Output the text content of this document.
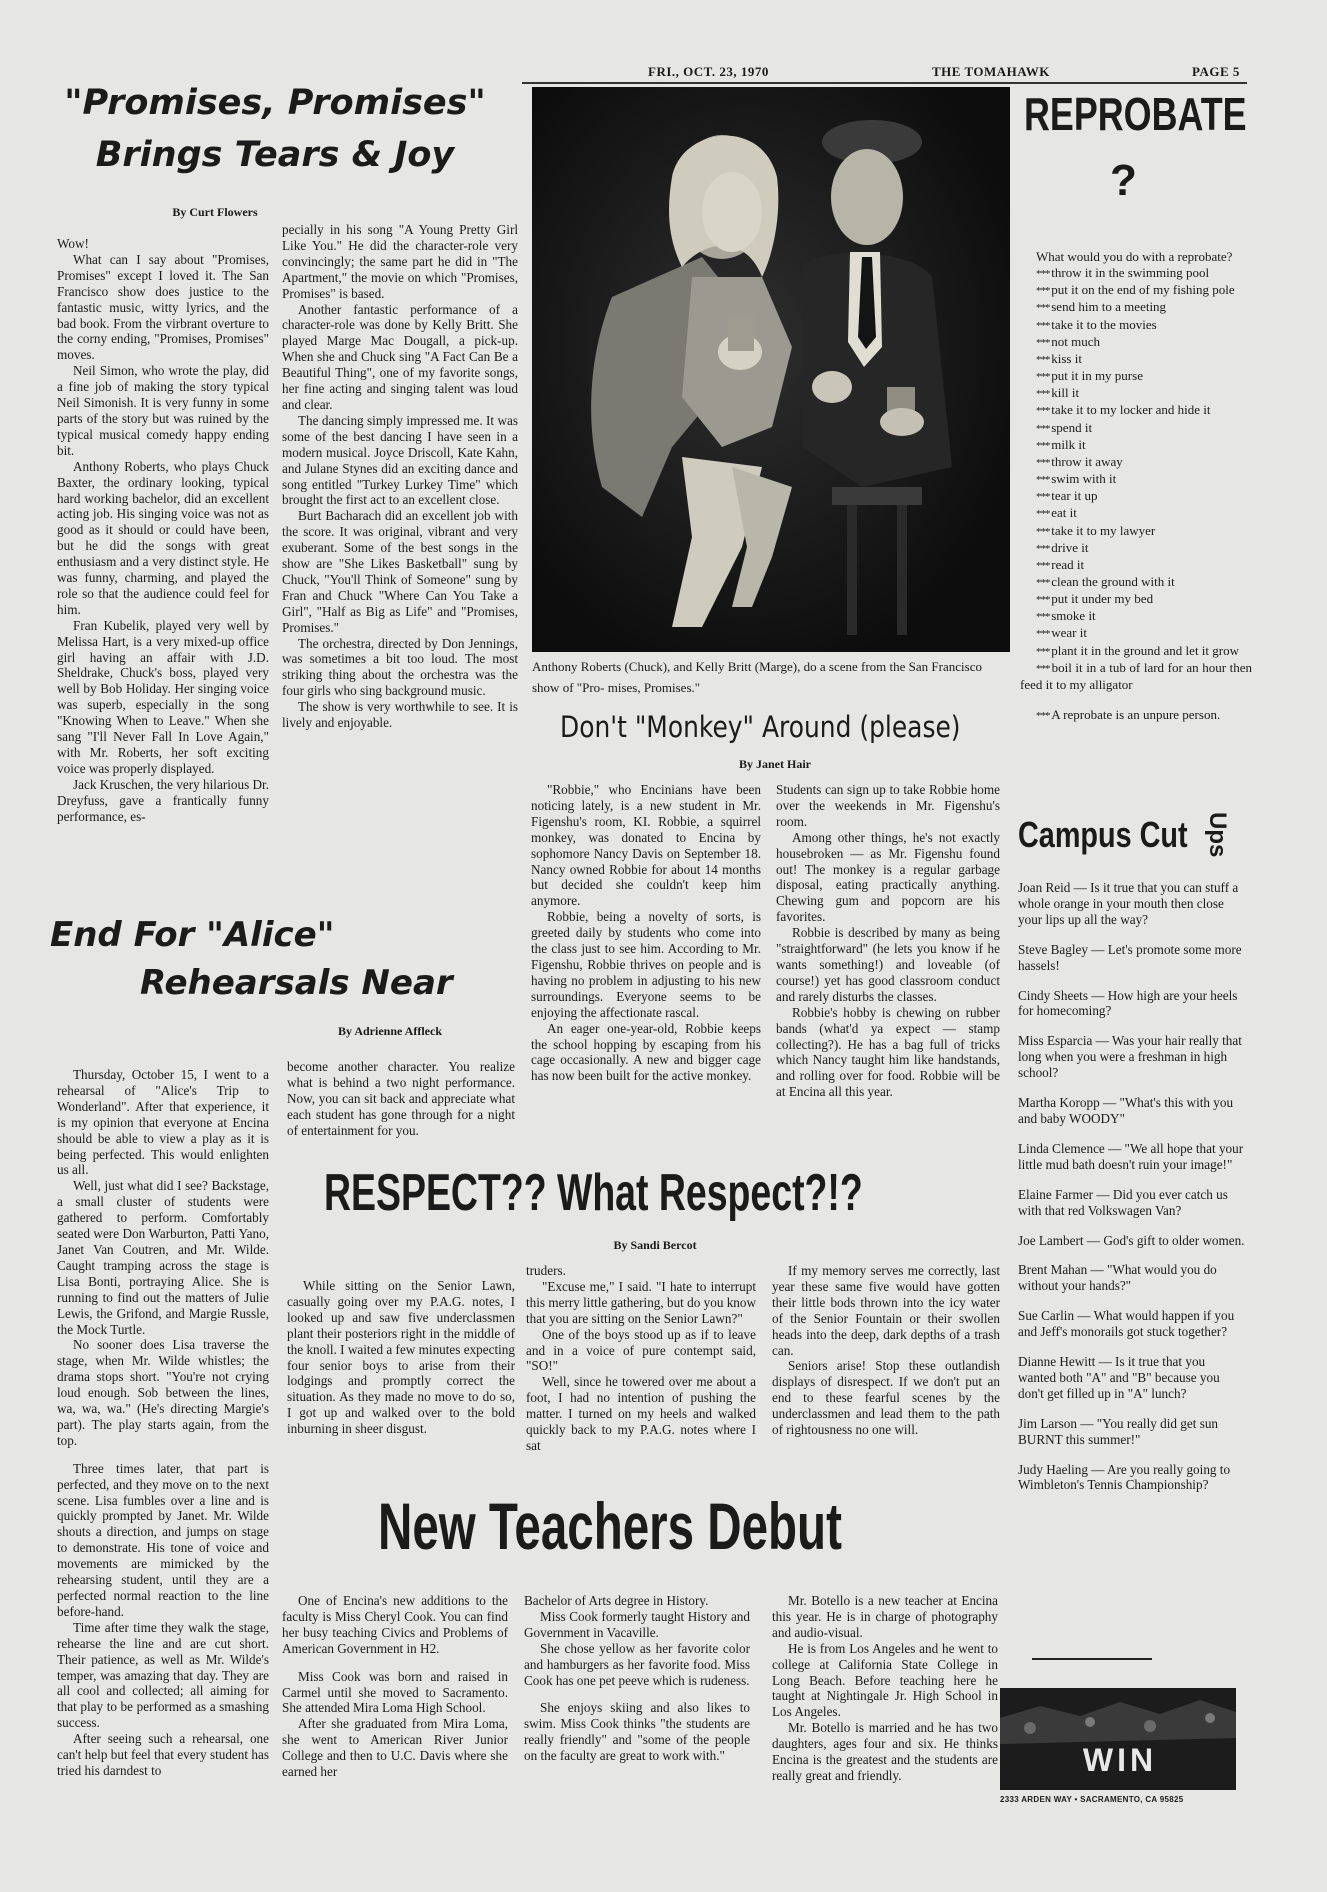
FRI., OCT. 23, 1970	THE TOMAHAWK	PAGE 5
"Promises, Promises"
Brings Tears & Joy
By Curt Flowers

Wow!

What can I say about "Promises, Promises" except I loved it. The San Francisco show does justice to the fantastic music, witty lyrics, and the bad book. From the virbrant overture to the corny ending, "Promises, Promises" moves.

Neil Simon, who wrote the play, did a fine job of making the story typical Neil Simonish. It is very funny in some parts of the story but was ruined by the typical musical comedy happy ending bit.

Anthony Roberts, who plays Chuck Baxter, the ordinary looking, typical hard working bachelor, did an excellent acting job. His singing voice was not as good as it should or could have been, but he did the songs with great enthusiasm and a very distinct style. He was funny, charming, and played the role so that the audience could feel for him.

Fran Kubelik, played very well by Melissa Hart, is a very mixed-up office girl having an affair with J.D. Sheldrake, Chuck's boss, played very well by Bob Holiday. Her singing voice was superb, especially in the song "Knowing When to Leave." When she sang "I'll Never Fall In Love Again," with Mr. Roberts, her soft exciting voice was properly displayed.

Jack Kruschen, the very hilarious Dr. Dreyfuss, gave a frantically funny performance, es-

pecially in his song "A Young Pretty Girl Like You." He did the character-role very convincingly; the same part he did in "The Apartment," the movie on which "Promises, Promises" is based.

Another fantastic performance of a character-role was done by Kelly Britt. She played Marge Mac Dougall, a pick-up. When she and Chuck sing "A Fact Can Be a Beautiful Thing", one of my favorite songs, her fine acting and singing talent was loud and clear.

The dancing simply impressed me. It was some of the best dancing I have seen in a modern musical. Joyce Driscoll, Kate Kahn, and Julane Stynes did an exciting dance and song entitled "Turkey Lurkey Time" which brought the first act to an excellent close.

Burt Bacharach did an excellent job with the score. It was original, vibrant and very exuberant. Some of the best songs in the show are "She Likes Basketball" sung by Chuck, "You'll Think of Someone" sung by Fran and Chuck "Where Can You Take a Girl", "Half as Big as Life" and "Promises, Promises."

The orchestra, directed by Don Jennings, was sometimes a bit too loud. The most striking thing about the orchestra was the four girls who sing background music.

The show is very worthwhile to see. It is lively and enjoyable.

Anthony Roberts (Chuck), and Kelly Britt (Marge), do a scene from the San Francisco show of "Pro- mises, Promises."
REPROBATE
?

What would you do with a reprobate?

*** throw it in the swimming pool

*** put it on the end of my fishing pole

*** send him to a meeting

*** take it to the movies

*** not much

*** kiss it

*** put it in my purse

*** kill it

*** take it to my locker and hide it

*** spend it

*** milk it

*** throw it away

*** swim with it

*** tear it up

*** eat it

*** take it to my lawyer

*** drive it

*** read it

*** clean the ground with it

*** put it under my bed

*** smoke it

*** wear it

*** plant it in the ground and let it grow

*** boil it in a tub of lard for an hour then feed it to my alligator

*** A reprobate is an unpure person.

Don't "Monkey" Around (please)
By Janet Hair

"Robbie," who Encinians have been noticing lately, is a new student in Mr. Figenshu's room, KI. Robbie, a squirrel monkey, was donated to Encina by sophomore Nancy Davis on September 18. Nancy owned Robbie for about 14 months but decided she couldn't keep him anymore.

Robbie, being a novelty of sorts, is greeted daily by students who come into the class just to see him. According to Mr. Figenshu, Robbie thrives on people and is having no problem in adjusting to his new surroundings. Everyone seems to be enjoying the affectionate rascal.

An eager one-year-old, Robbie keeps the school hopping by escaping from his cage occasionally. A new and bigger cage has now been built for the active monkey.

Students can sign up to take Robbie home over the weekends in Mr. Figenshu's room.

Among other things, he's not exactly housebroken — as Mr. Figenshu found out! The monkey is a regular garbage disposal, eating practically anything. Chewing gum and popcorn are his favorites.

Robbie is described by many as being "straightforward" (he lets you know if he wants something!) and loveable (of course!) yet has good classroom conduct and rarely disturbs the classes.

Robbie's hobby is chewing on rubber bands (what'd ya expect — stamp collecting?). He has a bag full of tricks which Nancy taught him like handstands, and rolling over for food. Robbie will be at Encina all this year.

Campus Cut Ups

Joan Reid — Is it true that you can stuff a whole orange in your mouth then close your lips up all the way?

Steve Bagley — Let's promote some more hassels!

Cindy Sheets — How high are your heels for homecoming?

Miss Esparcia — Was your hair really that long when you were a freshman in high school?

Martha Koropp — "What's this with you and baby WOODY"

Linda Clemence — "We all hope that your little mud bath doesn't ruin your image!"

Elaine Farmer — Did you ever catch us with that red Volkswagen Van?

Joe Lambert — God's gift to older women.

Brent Mahan — "What would you do without your hands?"

Sue Carlin — What would happen if you and Jeff's monorails got stuck together?

Dianne Hewitt — Is it true that you wanted both "A" and "B" because you don't get filled up in "A" lunch?

Jim Larson — "You really did get sun BURNT this summer!"

Judy Haeling — Are you really going to Wimbleton's Tennis Championship?

End For "Alice"
Rehearsals Near
By Adrienne Affleck

Thursday, October 15, I went to a rehearsal of "Alice's Trip to Wonderland". After that experience, it is my opinion that everyone at Encina should be able to view a play as it is being perfected. This would enlighten us all.

Well, just what did I see? Backstage, a small cluster of students were gathered to perform. Comfortably seated were Don Warburton, Patti Yano, Janet Van Coutren, and Mr. Wilde. Caught tramping across the stage is Lisa Bonti, portraying Alice. She is running to find out the matters of Julie Lewis, the Grifond, and Margie Russle, the Mock Turtle.

No sooner does Lisa traverse the stage, when Mr. Wilde whistles; the drama stops short. "You're not crying loud enough. Sob between the lines, wa, wa, wa." (He's directing Margie's part). The play starts again, from the top.

Three times later, that part is perfected, and they move on to the next scene. Lisa fumbles over a line and is quickly prompted by Janet. Mr. Wilde shouts a direction, and jumps on stage to demonstrate. His tone of voice and movements are mimicked by the rehearsing student, until they are a perfected normal reaction to the line before-hand.

Time after time they walk the stage, rehearse the line and are cut short. Their patience, as well as Mr. Wilde's temper, was amazing that day. They are all cool and collected; all aiming for that play to be performed as a smashing success.

After seeing such a rehearsal, one can't help but feel that every student has tried his darndest to

become another character. You realize what is behind a two night performance. Now, you can sit back and appreciate what each student has gone through for a night of entertainment for you.

RESPECT?? What Respect?!?
By Sandi Bercot

While sitting on the Senior Lawn, casually going over my P.A.G. notes, I looked up and saw five underclassmen plant their posteriors right in the middle of the knoll. I waited a few minutes expecting four senior boys to arise from their lodgings and promptly correct the situation. As they made no move to do so, I got up and walked over to the bold inburning in sheer disgust.

truders.

"Excuse me," I said. "I hate to interrupt this merry little gathering, but do you know that you are sitting on the Senior Lawn?"

One of the boys stood up as if to leave and in a voice of pure contempt said, "SO!"

Well, since he towered over me about a foot, I had no intention of pushing the matter. I turned on my heels and walked quickly back to my P.A.G. notes where I sat

If my memory serves me correctly, last year these same five would have gotten their little bods thrown into the icy water of the Senior Fountain or their swollen heads into the deep, dark depths of a trash can.

Seniors arise! Stop these outlandish displays of disrespect. If we don't put an end to these fearful scenes by the underclassmen and lead them to the path of rightousness no one will.

New Teachers Debut

One of Encina's new additions to the faculty is Miss Cheryl Cook. You can find her busy teaching Civics and Problems of American Government in H2.

Miss Cook was born and raised in Carmel until she moved to Sacramento. She attended Mira Loma High School.

After she graduated from Mira Loma, she went to American River Junior College and then to U.C. Davis where she earned her

Bachelor of Arts degree in History.

Miss Cook formerly taught History and Government in Vacaville.

She chose yellow as her favorite color and hamburgers as her favorite food. Miss Cook has one pet peeve which is rudeness.

She enjoys skiing and also likes to swim. Miss Cook thinks "the students are really friendly" and "some of the people on the faculty are great to work with."

Mr. Botello is a new teacher at Encina this year. He is in charge of photography and audio-visual.

He is from Los Angeles and he went to college at California State College in Long Beach. Before teaching here he taught at Nightingale Jr. High School in Los Angeles.

Mr. Botello is married and he has two daughters, ages four and six. He thinks Encina is the greatest and the students are really great and friendly.	WIN
2333 ARDEN WAY • SACRAMENTO, CA 95825
